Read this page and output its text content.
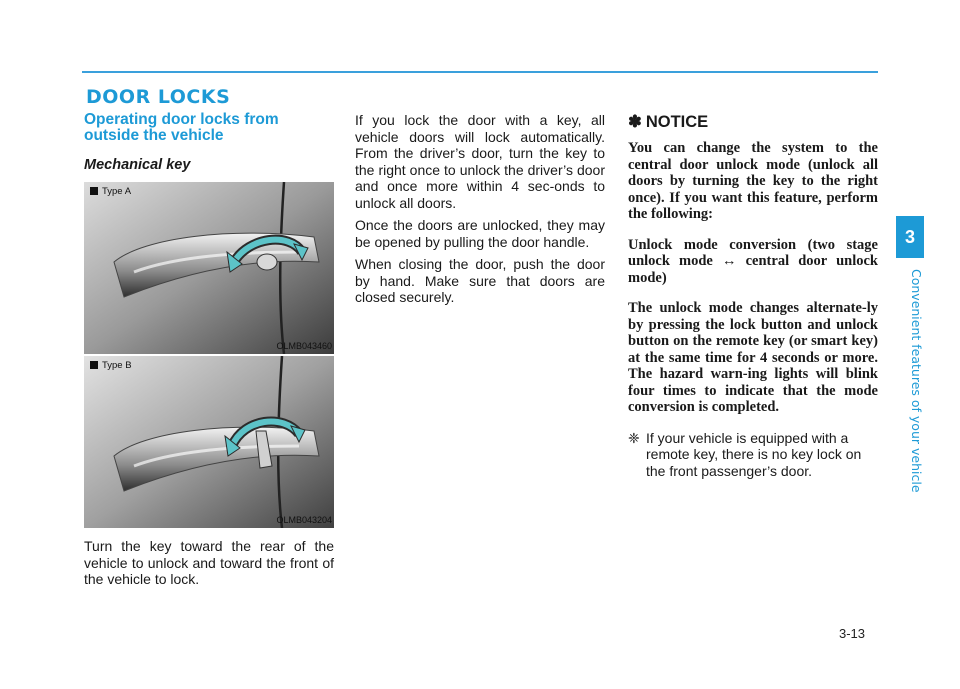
DOOR LOCKS

Operating door locks from outside the vehicle

Mechanical key

Type A
OLMB043460
Type B
OLMB043204

Turn the key toward the rear of the vehicle to unlock and toward the front of the vehicle to lock.

If you lock the door with a key, all vehicle doors will lock automatically. From the driver’s door, turn the key to the right once to unlock the driver’s door and once more within 4 sec-onds to unlock all doors.

Once the doors are unlocked, they may be opened by pulling the door handle.

When closing the door, push the door by hand. Make sure that doors are closed securely.

✽ NOTICE

You can change the system to the central door unlock mode (unlock all doors by turning the key to the right once). If you want this feature, perform the following:

Unlock mode conversion (two stage unlock mode ↔ central door unlock mode)

The unlock mode changes alternate-ly by pressing the lock button and unlock button on the remote key (or smart key) at the same time for 4 seconds or more. The hazard warn-ing lights will blink four times to indicate that the mode conversion is completed.

❈ If your vehicle is equipped with a remote key, there is no key lock on the front passenger’s door.
3
Convenient features of your vehicle
3-13
